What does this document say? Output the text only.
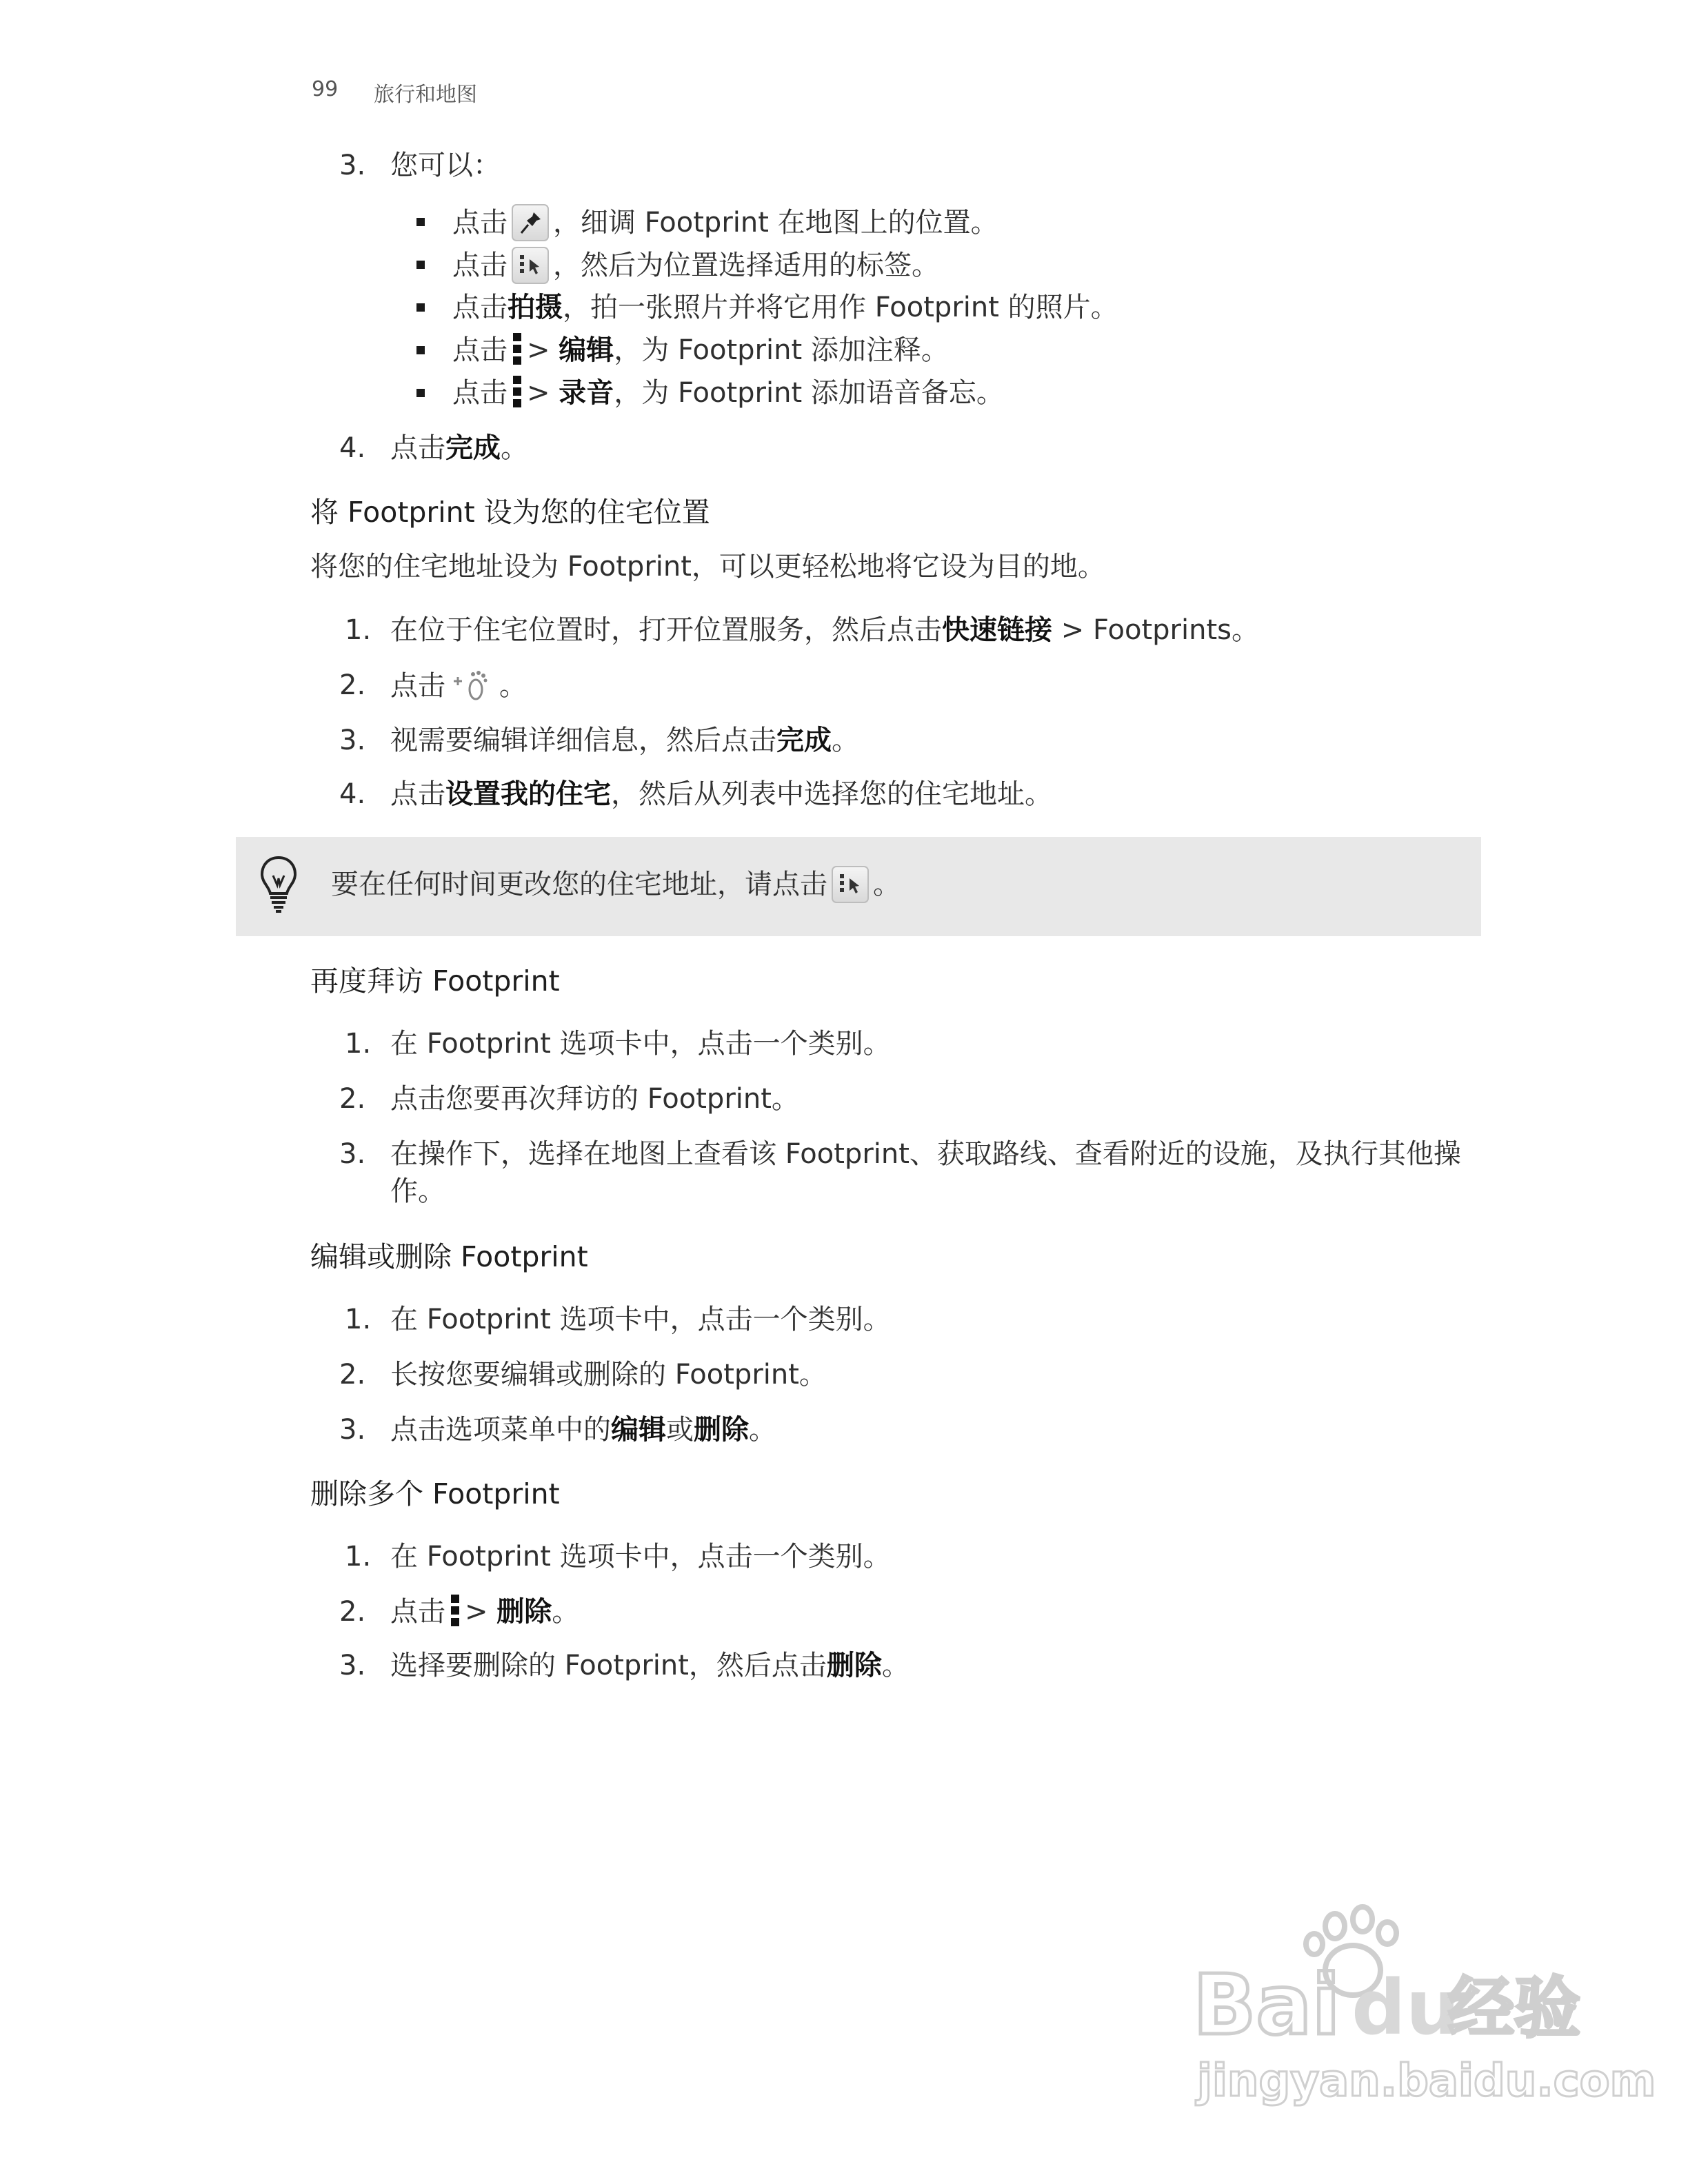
99 旅行和地图
3. 您可以：
点击 ，细调 Footprint 在地图上的位置。
点击 ，然后为位置选择适用的标签。
点击拍摄，拍一张照片并将它用作 Footprint 的照片。
点击 > 编辑，为 Footprint 添加注释。
点击 > 录音，为 Footprint 添加语音备忘。
4. 点击完成。
将 Footprint 设为您的住宅位置
将您的住宅地址设为 Footprint，可以更轻松地将它设为目的地。
1. 在位于住宅位置时，打开位置服务，然后点击快速链接 > Footprints。
2. 点击 。
3. 视需要编辑详细信息，然后点击完成。
4. 点击设置我的住宅，然后从列表中选择您的住宅地址。
要在任何时间更改您的住宅地址，请点击 。
再度拜访 Footprint
1. 在 Footprint 选项卡中，点击一个类别。
2. 点击您要再次拜访的 Footprint。
3. 在操作下，选择在地图上查看该 Footprint、获取路线、查看附近的设施，及执行其他操
作。
编辑或删除 Footprint
1. 在 Footprint 选项卡中，点击一个类别。
2. 长按您要编辑或删除的 Footprint。
3. 点击选项菜单中的编辑或删除。
删除多个 Footprint
1. 在 Footprint 选项卡中，点击一个类别。
2. 点击 > 删除。
3. 选择要删除的 Footprint，然后点击删除。
Bai du
经验
jingyan.baidu.com
